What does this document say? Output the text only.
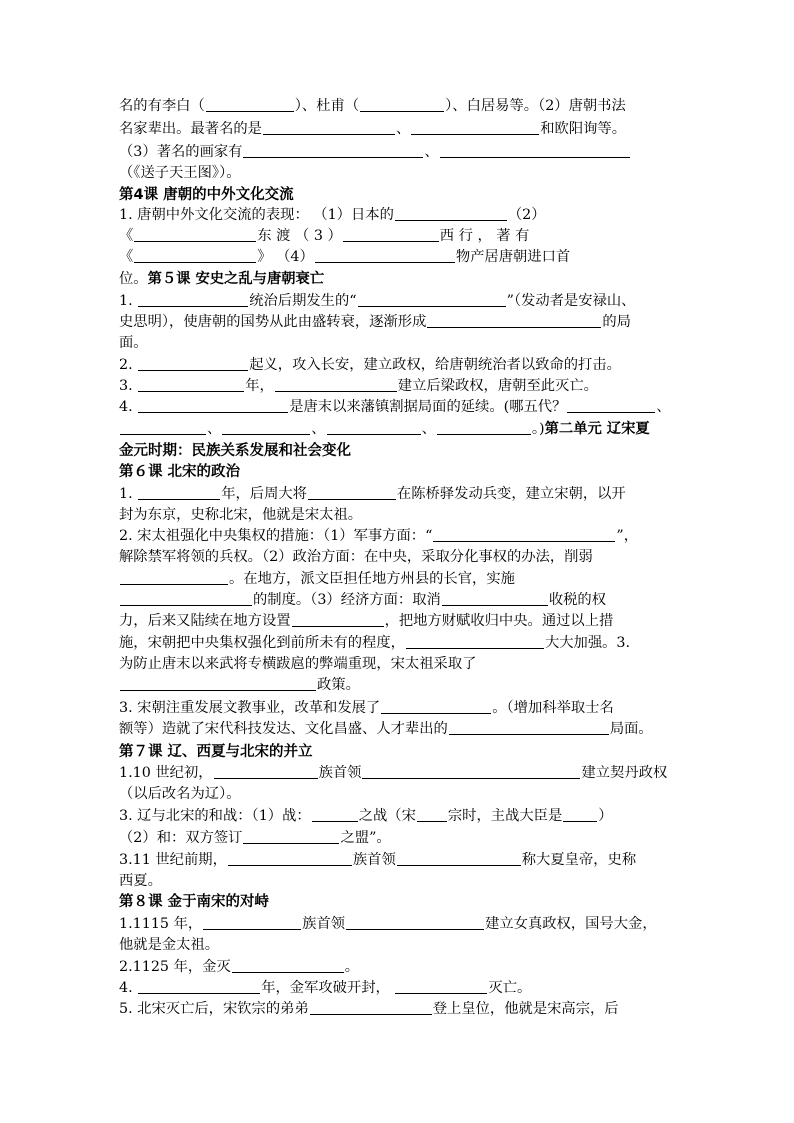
名的有李白（	）、杜甫（	）、白居易等。（2）唐朝书法
名家辈出。最著名的是	、	和欧阳询等。
（3）著名的画家有	、
（《送子天王图》）。
第4课 唐朝的中外文化交流
1. 唐朝中外文化交流的表现： （1）日本的	（2）
《	东 渡 （ 3 ）	西 行 ， 著 有
《	》 （4）	物产居唐朝进口首
位。第５课 安史之乱与唐朝衰亡
1.	统治后期发生的“	”（发动者是安禄山、
史思明），使唐朝的国势从此由盛转衰，逐渐形成	的局
面。
2.	起义，攻入长安，建立政权，给唐朝统治者以致命的打击。
3.	年，	建立后梁政权，唐朝至此灭亡。
4.	是唐末以来藩镇割据局面的延续。(哪五代？	、
、	、	、	。)第二单元 辽宋夏
金元时期：民族关系发展和社会变化
第６课 北宋的政治
1.	年，后周大将	在陈桥驿发动兵变，建立宋朝，以开
封为东京，史称北宋，他就是宋太祖。
2. 宋太祖强化中央集权的措施：（1）军事方面：“	”，
解除禁军将领的兵权。（2）政治方面：在中央，采取分化事权的办法，削弱
。在地方，派文臣担任地方州县的长官，实施
的制度。（3）经济方面：取消	收税的权
力，后来又陆续在地方设置	，把地方财赋收归中央。通过以上措
施，宋朝把中央集权强化到前所未有的程度，	大大加强。3.
为防止唐末以来武将专横跋扈的弊端重现，宋太祖采取了
政策。
3. 宋朝注重发展文教事业，改革和发展了	。（增加科举取士名
额等）造就了宋代科技发达、文化昌盛、人才辈出的	局面。
第７课 辽、西夏与北宋的并立
1.10 世纪初，	族首领	建立契丹政权
（以后改名为辽）。
3. 辽与北宋的和战：（1）战：	之战（宋 宗时，主战大臣是	）
（2）和：双方签订	之盟”。
3.11 世纪前期，	族首领	称大夏皇帝，史称
西夏。
第８课 金于南宋的对峙
1.1115 年，	族首领	建立女真政权，国号大金，
他就是金太祖。
2.1125 年，金灭	。
4.	年，金军攻破开封，	灭亡。
5. 北宋灭亡后，宋钦宗的弟弟	登上皇位，他就是宋高宗，后
